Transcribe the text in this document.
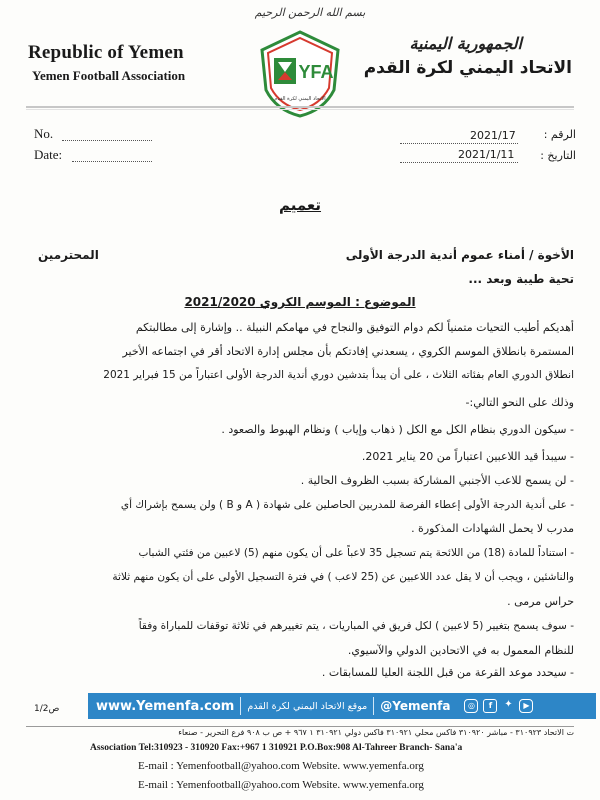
بسم الله الرحمن الرحيم
Republic of Yemen
Yemen Football Association
الجمهورية اليمنية
الاتحاد اليمني لكرة القدم
YFA
الاتحاد اليمني لكرة القدم
No.
Date:
الرقم :
2021/17
التاريخ :
2021/1/11
تعميم
الأخوة / أمناء عموم أندية الدرجة الأولى
المحترمين
تحية طيبة وبعد ...
الموضوع : الموسم الكروي 2021/2020
أهديكم أطيب التحيات متمنياً لكم دوام التوفيق والنجاح في مهامكم النبيلة .. وإشارة إلى مطالبتكم
المستمرة بانطلاق الموسم الكروي ، يسعدني إفادتكم بأن مجلس إدارة الاتحاد أقر في اجتماعه الأخير
انطلاق الدوري العام بفئاته الثلاث ، على أن يبدأ بتدشين دوري أندية الدرجة الأولى اعتباراً من 15 فبراير 2021
وذلك على النحو التالي:-
- سيكون الدوري بنظام الكل مع الكل ( ذهاب وإياب ) ونظام الهبوط والصعود .
- سيبدأ قيد اللاعبين اعتباراً من 20 يناير 2021.
- لن يسمح للاعب الأجنبي المشاركة بسبب الظروف الحالية .
- على أندية الدرجة الأولى إعطاء الفرصة للمدربين الحاصلين على شهادة ( A و B ) ولن يسمح بإشراك أي
مدرب لا يحمل الشهادات المذكورة .
- استناداً للمادة (18) من اللائحة يتم تسجيل 35 لاعباً على أن يكون منهم (5) لاعبين من فئتي الشباب
والناشئين ، ويجب أن لا يقل عدد اللاعبين عن (25 لاعب ) في فترة التسجيل الأولى على أن يكون منهم ثلاثة
حراس مرمى .
- سوف يسمح بتغيير (5 لاعبين ) لكل فريق في المباريات ، يتم تغييرهم في ثلاثة توقفات للمباراة وفقاً
للنظام المعمول به في الاتحادين الدولي والآسيوي.
- سيحدد موعد القرعة من قبل اللجنة العليا للمسابقات .
www.Yemenfa.com	موقع الاتحاد اليمني لكرة القدم	@Yemenfa	◎	f	✦	▶
ص1/2
ت الاتحاد ٣١٠٩٢٣ - مباشر ٣١٠٩٢٠ فاكس محلي ٣١٠٩٢١ فاكس دولي ٣١٠٩٢١ ١ ٩٦٧ + ص ب ٩٠٨ فرع التحرير - صنعاء
Association Tel:310923 - 310920 Fax:+967 1 310921 P.O.Box:908 Al-Tahreer Branch- Sana'a
E-mail : Yemenfootball@yahoo.com Website. www.yemenfa.org
E-mail : Yemenfootball@yahoo.com Website. www.yemenfa.org
